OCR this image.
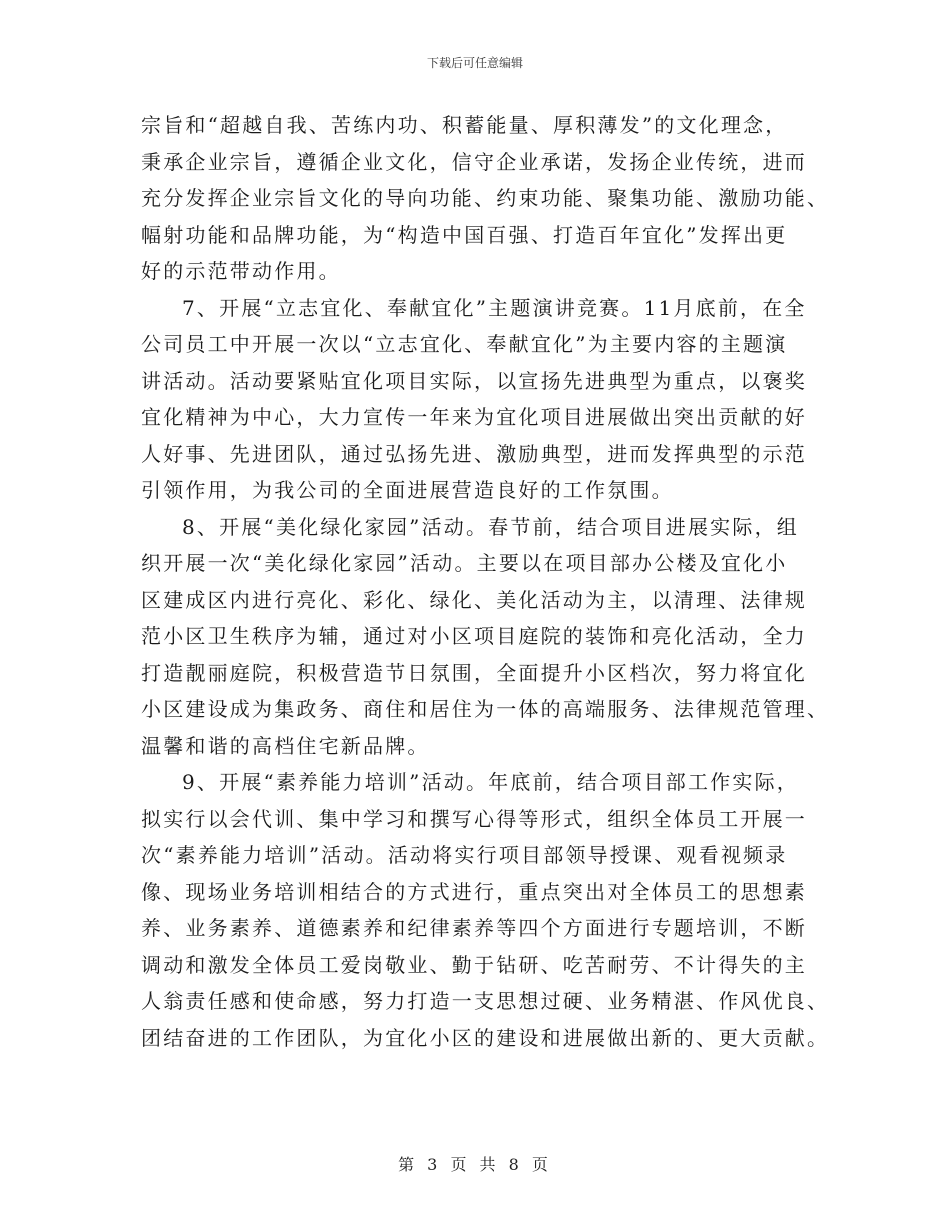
下载后可任意编辑
宗旨和“超越自我、苦练内功、积蓄能量、厚积薄发”的文化理念，
秉承企业宗旨，遵循企业文化，信守企业承诺，发扬企业传统，进而
充分发挥企业宗旨文化的导向功能、约束功能、聚集功能、激励功能、
幅射功能和品牌功能，为“构造中国百强、打造百年宜化”发挥出更
好的示范带动作用。
7、开展“立志宜化、奉献宜化”主题演讲竞赛。11月底前，在全
公司员工中开展一次以“立志宜化、奉献宜化”为主要内容的主题演
讲活动。活动要紧贴宜化项目实际，以宣扬先进典型为重点，以褒奖
宜化精神为中心，大力宣传一年来为宜化项目进展做出突出贡献的好
人好事、先进团队，通过弘扬先进、激励典型，进而发挥典型的示范
引领作用，为我公司的全面进展营造良好的工作氛围。
8、开展“美化绿化家园”活动。春节前，结合项目进展实际，组
织开展一次“美化绿化家园”活动。主要以在项目部办公楼及宜化小
区建成区内进行亮化、彩化、绿化、美化活动为主，以清理、法律规
范小区卫生秩序为辅，通过对小区项目庭院的装饰和亮化活动，全力
打造靓丽庭院，积极营造节日氛围，全面提升小区档次，努力将宜化
小区建设成为集政务、商住和居住为一体的高端服务、法律规范管理、
温馨和谐的高档住宅新品牌。
9、开展“素养能力培训”活动。年底前，结合项目部工作实际，
拟实行以会代训、集中学习和撰写心得等形式，组织全体员工开展一
次“素养能力培训”活动。活动将实行项目部领导授课、观看视频录
像、现场业务培训相结合的方式进行，重点突出对全体员工的思想素
养、业务素养、道德素养和纪律素养等四个方面进行专题培训，不断
调动和激发全体员工爱岗敬业、勤于钻研、吃苦耐劳、不计得失的主
人翁责任感和使命感，努力打造一支思想过硬、业务精湛、作风优良、
团结奋进的工作团队，为宜化小区的建设和进展做出新的、更大贡献。
第 3 页 共 8 页
